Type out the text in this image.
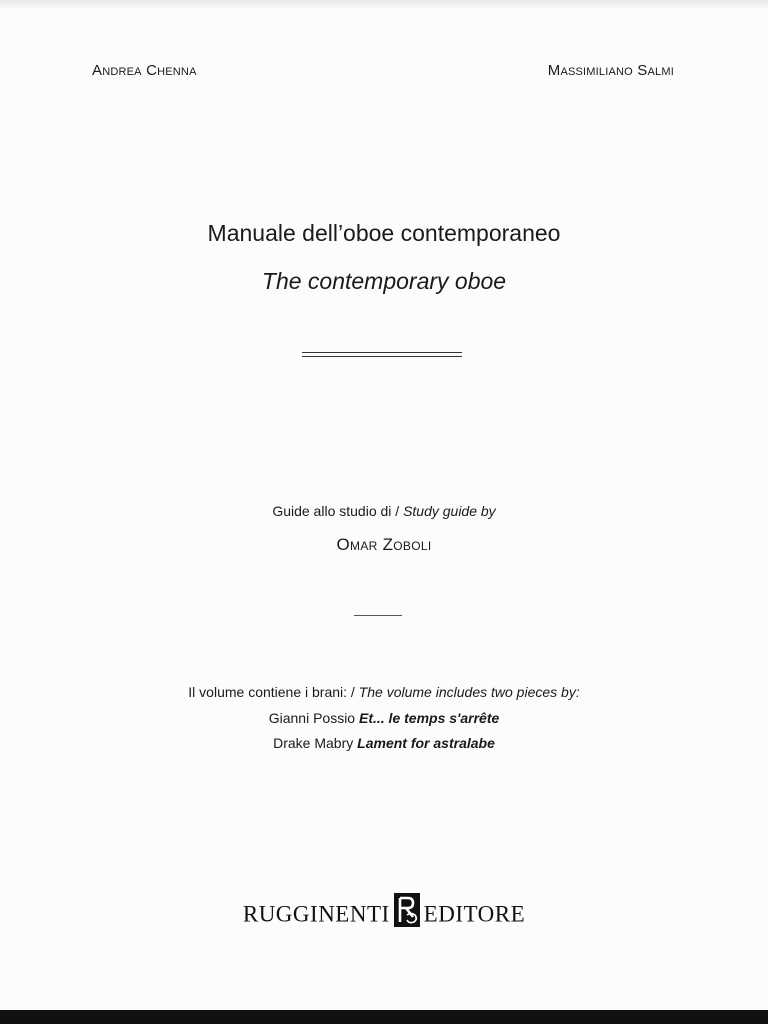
Andrea Chenna	Massimiliano Salmi
Manuale dell’oboe contemporaneo
The contemporary oboe
Guide allo studio di / Study guide by
Omar Zoboli
Il volume contiene i brani: / The volume includes two pieces by:
Gianni Possio Et... le temps s'arrête
Drake Mabry Lament for astralabe
RUGGINENTI EDITORE
